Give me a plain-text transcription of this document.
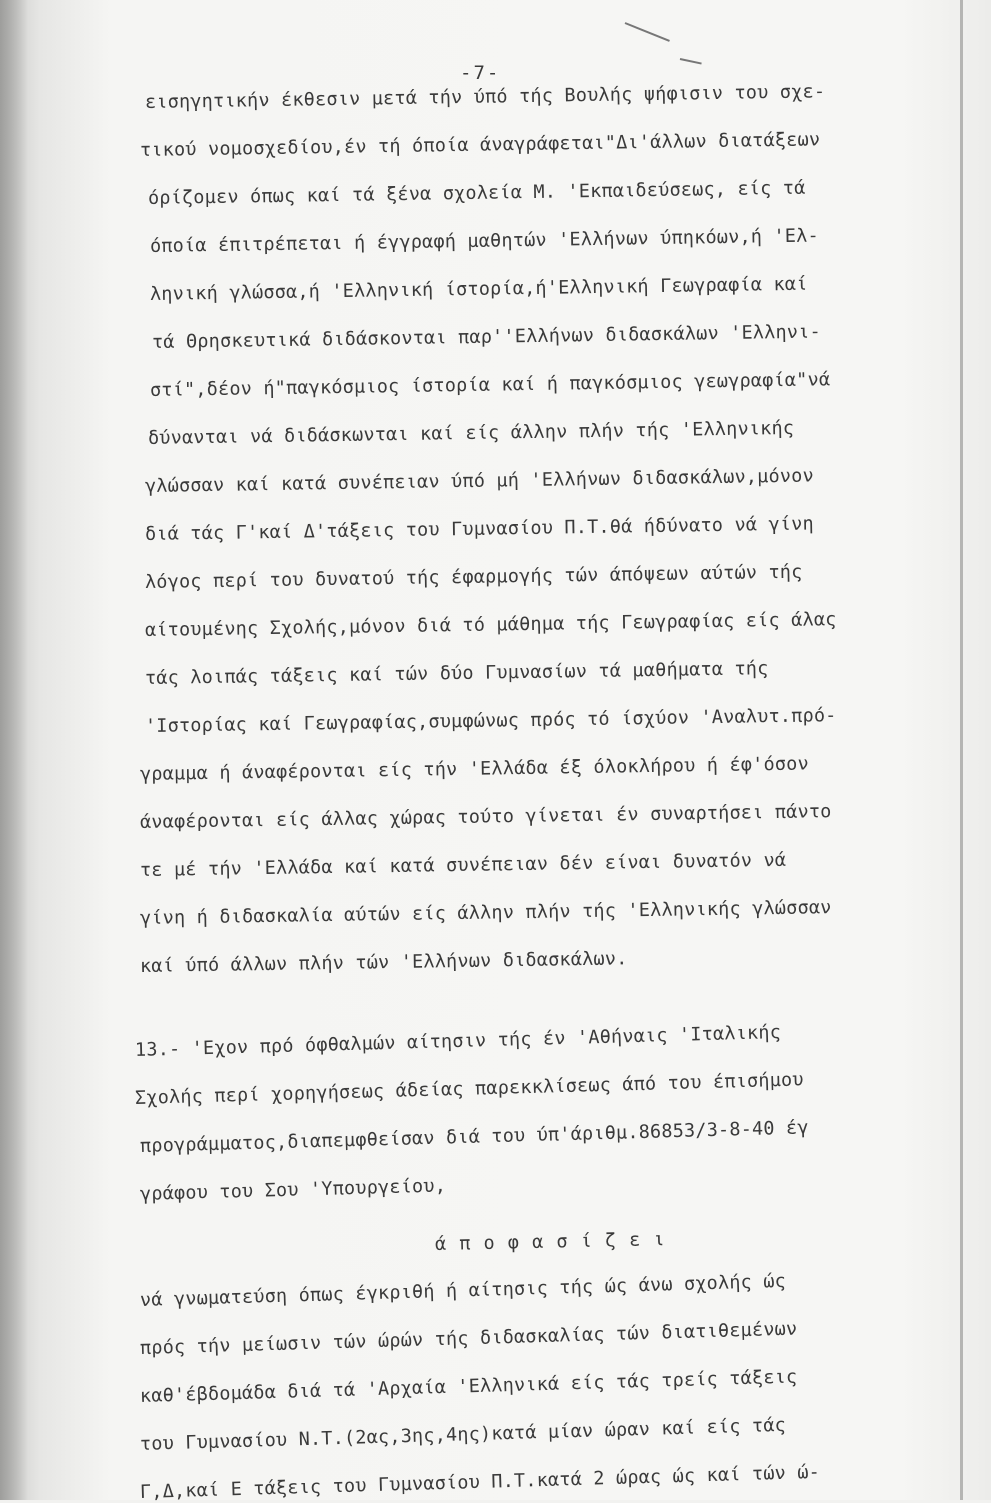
-7-
εισηγητικήν έκθεσιν μετά τήν ύπό τής Βουλής ψήφισιν του σχε-
τικού νομοσχεδίου,έν τή όποία άναγράφεται"Δι'άλλων διατάξεων
όρίζομεν όπως καί τά ξένα σχολεία Μ. 'Εκπαιδεύσεως, είς τά
όποία έπιτρέπεται ή έγγραφή μαθητών 'Ελλήνων ύπηκόων,ή 'Ελ-
ληνική γλώσσα,ή 'Ελληνική ίστορία,ή'Ελληνική Γεωγραφία καί
τά Θρησκευτικά διδάσκονται παρ''Ελλήνων διδασκάλων 'Ελληνι-
στί",δέον ή"παγκόσμιος ίστορία καί ή παγκόσμιος γεωγραφία"νά
δύνανται νά διδάσκωνται καί είς άλλην πλήν τής 'Ελληνικής
γλώσσαν καί κατά συνέπειαν ύπό μή 'Ελλήνων διδασκάλων,μόνον
διά τάς Γ'καί Δ'τάξεις του Γυμνασίου Π.Τ.θά ήδύνατο νά γίνη
λόγος περί του δυνατού τής έφαρμογής τών άπόψεων αύτών τής
αίτουμένης Σχολής,μόνον διά τό μάθημα τής Γεωγραφίας είς άλας
τάς λοιπάς τάξεις καί τών δύο Γυμνασίων τά μαθήματα τής
'Ιστορίας καί Γεωγραφίας,συμφώνως πρός τό ίσχύον 'Αναλυτ.πρό-
γραμμα ή άναφέρονται είς τήν 'Ελλάδα έξ όλοκλήρου ή έφ'όσον
άναφέρονται είς άλλας χώρας τούτο γίνεται έν συναρτήσει πάντο
τε μέ τήν 'Ελλάδα καί κατά συνέπειαν δέν είναι δυνατόν νά
γίνη ή διδασκαλία αύτών είς άλλην πλήν τής 'Ελληνικής γλώσσαν
καί ύπό άλλων πλήν τών 'Ελλήνων διδασκάλων.
13.- 'Εχον πρό όφθαλμών αίτησιν τής έν 'Αθήναις 'Ιταλικής
Σχολής περί χορηγήσεως άδείας παρεκκλίσεως άπό του έπισήμου
προγράμματος,διαπεμφθείσαν διά του ύπ'άριθμ.86853/3-8-40 έγ
γράφου του Σου 'Υπουργείου,
ά π ο φ α σ ί ζ ε ι
νά γνωματεύση όπως έγκριθή ή αίτησις τής ώς άνω σχολής ώς
πρός τήν μείωσιν τών ώρών τής διδασκαλίας τών διατιθεμένων
καθ'έβδομάδα διά τά 'Αρχαία 'Ελληνικά είς τάς τρείς τάξεις
του Γυμνασίου Ν.Τ.(2ας,3ης,4ης)κατά μίαν ώραν καί είς τάς
Γ,Δ,καί Ε τάξεις του Γυμνασίου Π.Τ.κατά 2 ώρας ώς καί τών ώ-
